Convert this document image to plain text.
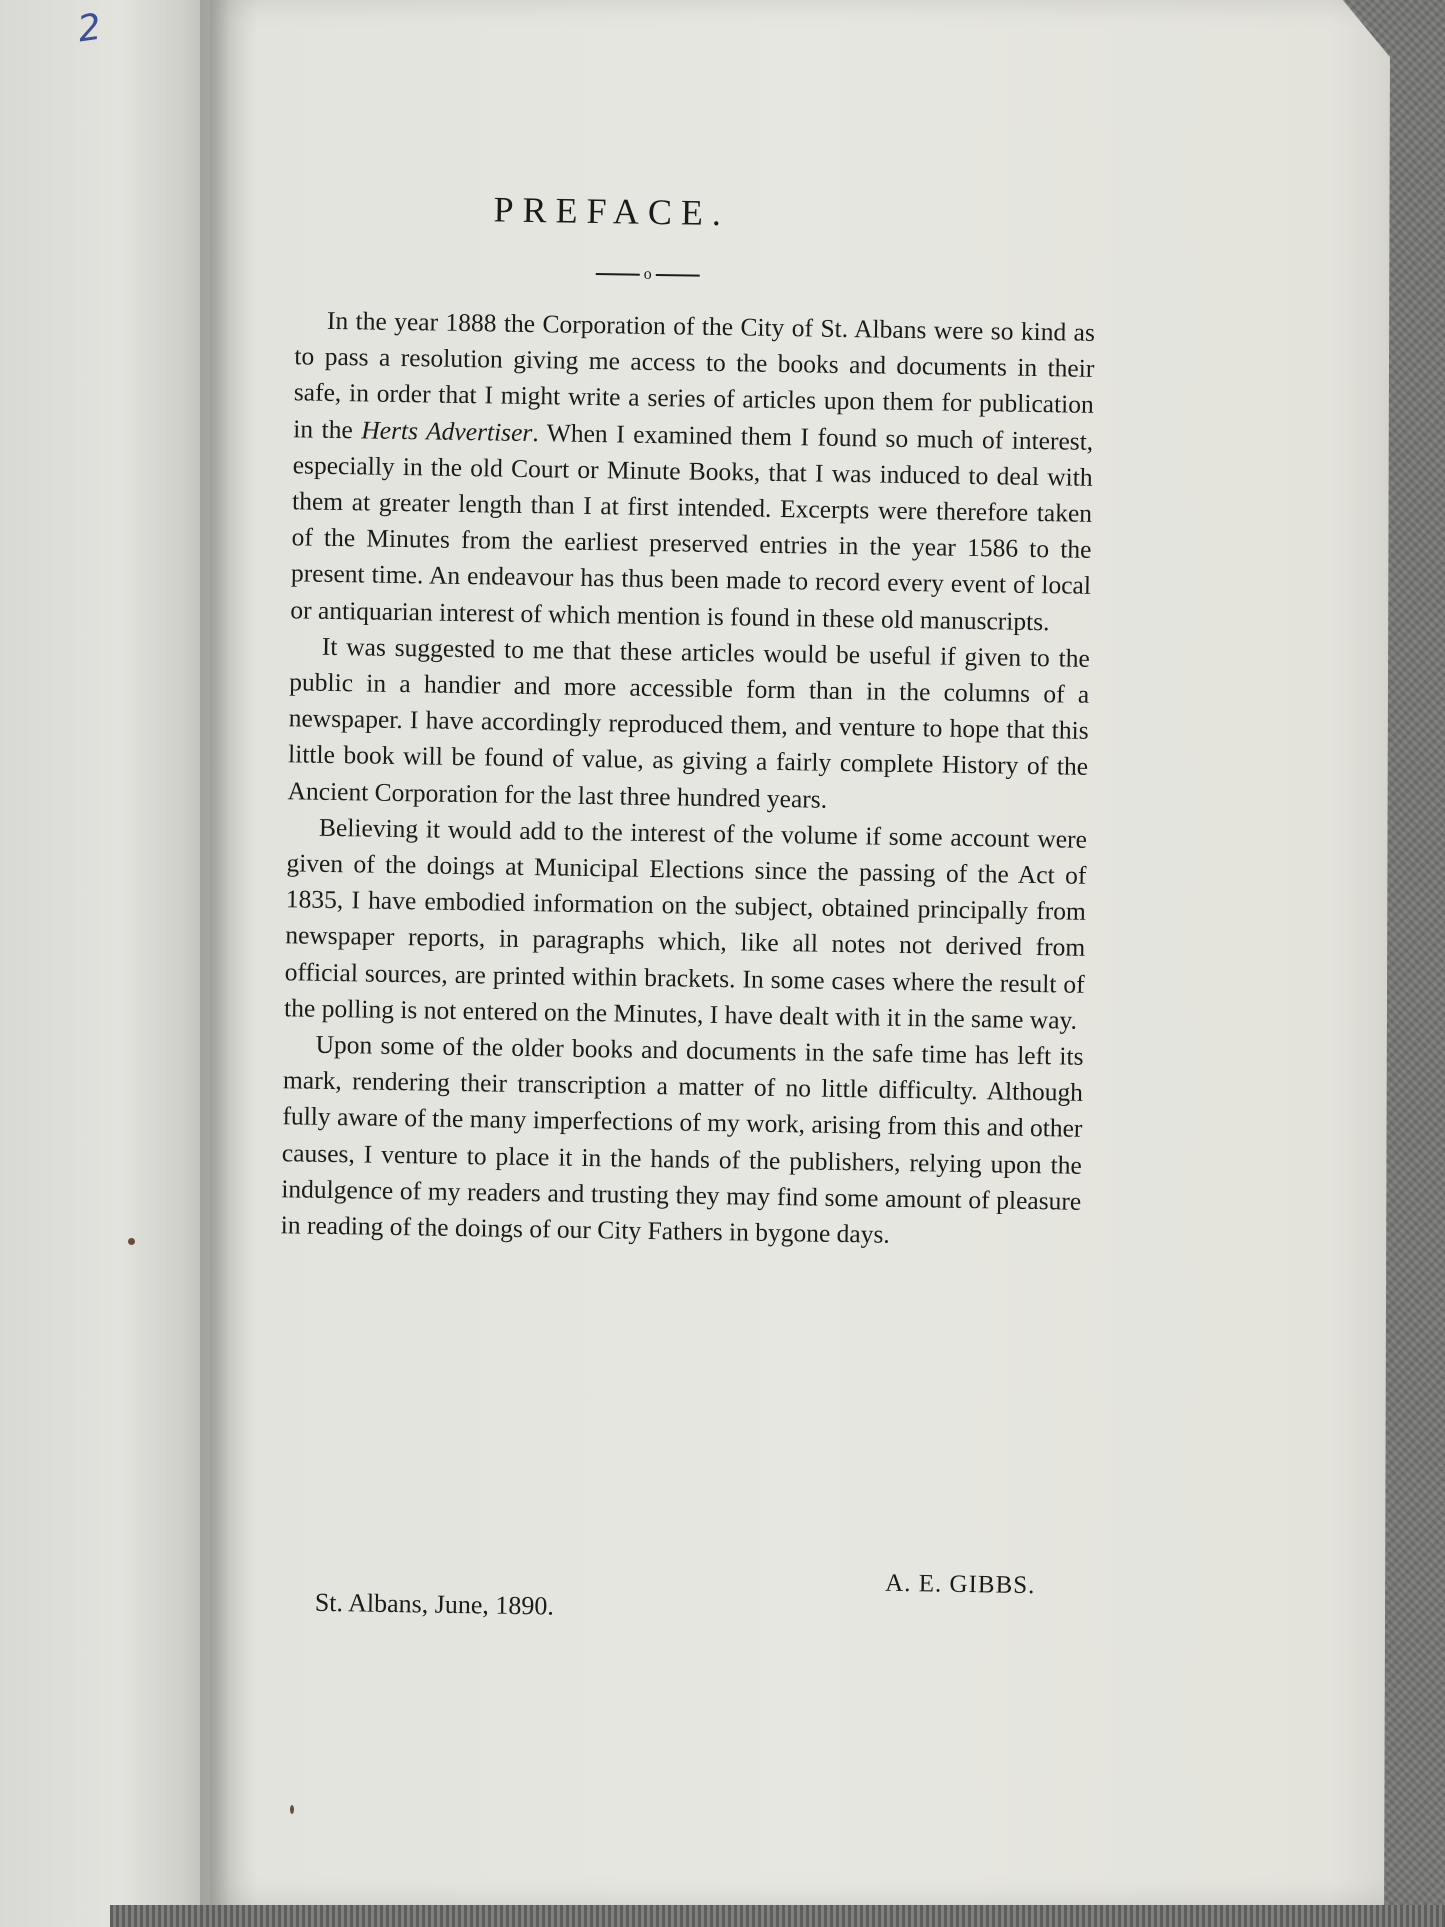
2
PREFACE.
o

In the year 1888 the Corporation of the City of St. Albans were so kind as to pass a resolution giving me access to the books and documents in their safe, in order that I might write a series of articles upon them for publication in the Herts Advertiser. When I examined them I found so much of interest, especially in the old Court or Minute Books, that I was induced to deal with them at greater length than I at first intended. Excerpts were therefore taken of the Minutes from the earliest preserved entries in the year 1586 to the present time. An endeavour has thus been made to record every event of local or antiquarian interest of which mention is found in these old manuscripts.

It was suggested to me that these articles would be useful if given to the public in a handier and more accessible form than in the columns of a newspaper. I have accordingly reproduced them, and venture to hope that this little book will be found of value, as giving a fairly complete History of the Ancient Corporation for the last three hundred years.

Believing it would add to the interest of the volume if some account were given of the doings at Municipal Elections since the passing of the Act of 1835, I have embodied information on the subject, obtained principally from newspaper reports, in paragraphs which, like all notes not derived from official sources, are printed within brackets. In some cases where the result of the polling is not entered on the Minutes, I have dealt with it in the same way.

Upon some of the older books and documents in the safe time has left its mark, rendering their transcription a matter of no little difficulty. Although fully aware of the many imperfections of my work, arising from this and other causes, I venture to place it in the hands of the publishers, relying upon the indulgence of my readers and trusting they may find some amount of pleasure in reading of the doings of our City Fathers in bygone days.

A. E. GIBBS.
St. Albans, June, 1890.
